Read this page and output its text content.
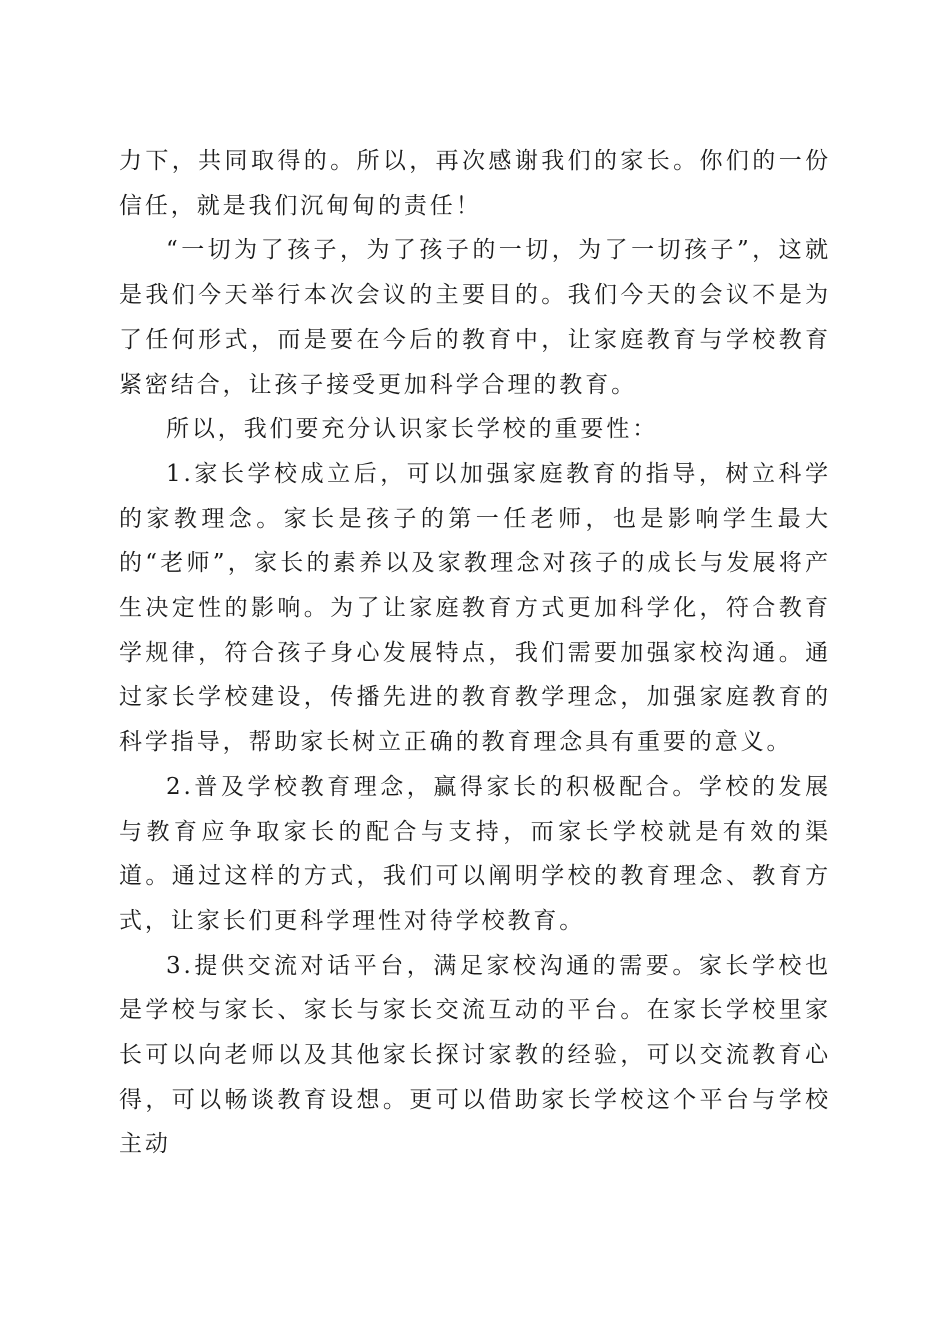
力下，共同取得的。所以，再次感谢我们的家长。你们的一份信任，就是我们沉甸甸的责任！

“一切为了孩子，为了孩子的一切，为了一切孩子”，这就是我们今天举行本次会议的主要目的。我们今天的会议不是为了任何形式，而是要在今后的教育中，让家庭教育与学校教育紧密结合，让孩子接受更加科学合理的教育。

所以，我们要充分认识家长学校的重要性：

1.家长学校成立后，可以加强家庭教育的指导，树立科学的家教理念。家长是孩子的第一任老师，也是影响学生最大的“老师”，家长的素养以及家教理念对孩子的成长与发展将产生决定性的影响。为了让家庭教育方式更加科学化，符合教育学规律，符合孩子身心发展特点，我们需要加强家校沟通。通过家长学校建设，传播先进的教育教学理念，加强家庭教育的科学指导，帮助家长树立正确的教育理念具有重要的意义。

2.普及学校教育理念，赢得家长的积极配合。学校的发展与教育应争取家长的配合与支持，而家长学校就是有效的渠道。通过这样的方式，我们可以阐明学校的教育理念、教育方式，让家长们更科学理性对待学校教育。

3.提供交流对话平台，满足家校沟通的需要。家长学校也是学校与家长、家长与家长交流互动的平台。在家长学校里家长可以向老师以及其他家长探讨家教的经验，可以交流教育心得，可以畅谈教育设想。更可以借助家长学校这个平台与学校主动
